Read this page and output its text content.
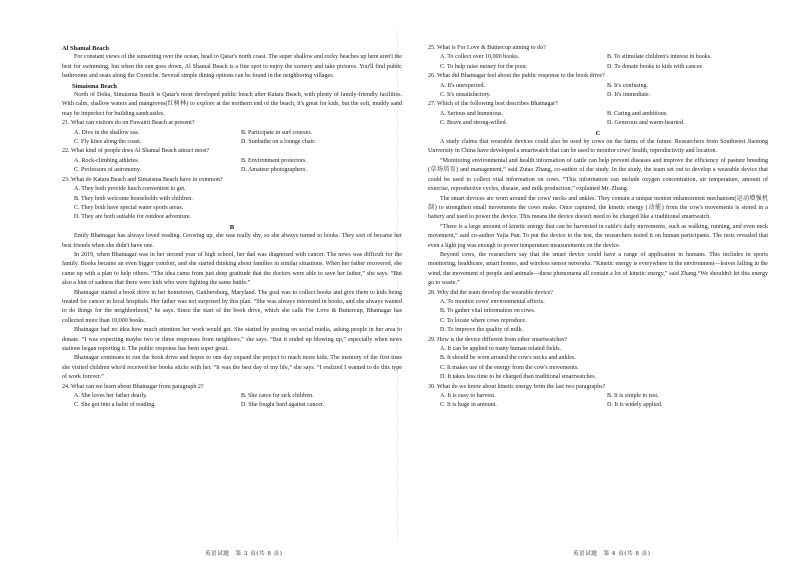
Al Shamal Beach

For constant views of the sunsetting over the ocean, head to Qatar's north coast. The super shallow and rocky beaches up here aren't the best for swimming, but when the sun goes down, Al Shamal Beach is a fine spot to enjoy the scenery and take pictures. You'll find public bathrooms and seats along the Corniche. Several simple dining options can be found in the neighboring villages.

Simaisma Beach

North of Doha, Simaisma Beach is Qatar's most developed public beach after Katara Beach, with plenty of family-friendly facilities. With calm, shallow waters and mangroves(红树林) to explore at the northern end of the beach, it's great for kids, but the soft, muddy sand may be imperfect for building sandcastles.

21. What can visitors do on Fuwairit Beach at present?

A. Dive in the shallow sea.	B. Participate in surf courses.
C. Fly kites along the coast.	D. Sunbathe on a lounge chair.

22. What kind of people does Al Shamal Beach attract most?

A. Rock-climbing athletes.	B. Environment protectors.
C. Professors of astronomy.	D. Amateur photographers.

23. What do Katara Beach and Simaisma Beach have in common?

A. They both provide lunch convenient to get.
B. They both welcome households with children.
C. They both have special water sports areas.
D. They are both suitable for outdoor adventure.

B

Emily Bhatnagar has always loved reading. Growing up, she was really shy, so she always turned to books. They sort of became her best friends when she didn't have one.

In 2019, when Bhatnagar was in her second year of high school, her dad was diagnosed with cancer. The news was difficult for the family. Books became an even bigger comfort, and she started thinking about families in similar situations. When her father recovered, she came up with a plan to help others. “The idea came from just deep gratitude that the doctors were able to save her father,” she says. “But also a hint of sadness that there were kids who were fighting the same battle.”

Bhatnagar started a book drive in her hometown, Gaithersburg, Maryland. The goal was to collect books and give them to kids being treated for cancer in local hospitals. Her father was not surprised by this plan. “She was always interested in books, and she always wanted to do things for the neighborhood,” he says. Since the start of the book drive, which she calls For Love & Buttercup, Bhatnagar has collected more than 10,000 books.

Bhatnagar had no idea how much attention her work would get. She started by posting on social media, asking people in her area to donate. “I was expecting maybe two or three responses from neighbors,” she says. “But it ended up blowing up,” especially when news stations began reporting it. The public response has been super great.

Bhatnagar continues to run the book drive and hopes to one day expand the project to reach more kids. The memory of the first time she visited children who'd received her books sticks with her. “It was the best day of my life,” she says. “I realized I wanted to do this type of work forever.”

24. What can we learn about Bhatnagar from paragraph 2?

A. She loves her father dearly.	B. She cares for sick children.
C. She got into a habit of reading.	D. She fought hard against cancer.
英语试题　第 3 页(共 8 页)

25. What is For Love & Buttercup aiming to do?

A. To collect over 10,000 books.	B. To stimulate children's interest in books.
C. To help raise money for the poor.	D. To donate books to kids with cancer.

26. What did Bhatnagar feel about the public response to the book drive?

A. It's unexpected.	B. It's confusing.
C. It's unsatisfactory.	D. It's immediate.

27. Which of the following best describes Bhatnagar?

A. Serious and humorous.	B. Caring and ambitious.
C. Brave and strong-willed.	D. Generous and warm-hearted.

C

A study claims that wearable devices could also be used by cows on the farms of the future. Researchers from Southwest Jiaotong University in China have developed a smartwatch that can be used to monitor cows' health, reproductivity and location.

“Monitoring environmental and health information of cattle can help prevent diseases and improve the efficiency of pasture breeding (草场培育) and management,” said Zutao Zhang, co-author of the study. In the study, the team set out to develop a wearable device that could be used to collect vital information on cows. “This information can include oxygen concentration, air temperature, amount of exercise, reproductive cycles, disease, and milk production,” explained Mr. Zhang.

The smart devices are worn around the cows' necks and ankles. They contain a unique motion enhancement mechanism(运动增强机制) to strengthen small movements the cows make. Once captured, the kinetic energy (动能) from the cow's movements is stored in a battery and used to power the device. This means the device doesn't need to be charged like a traditional smartwatch.

“There is a large amount of kinetic energy that can be harvested in cattle's daily movements, such as walking, running, and even neck movement,” said co-author Yajia Pan. To put the device to the test, the researchers tested it on human participants. The tests revealed that even a light jog was enough to power temperature measurements on the device.

Beyond cows, the researchers say that the smart device could have a range of application in humans. This includes in sports monitoring, healthcare, smart homes, and wireless sensor networks. “Kinetic energy is everywhere in the environment—leaves falling in the wind, the movement of people and animals—these phenomena all contain a lot of kinetic energy,” said Zhang.“We shouldn't let this energy go to waste.”

28. Why did the team develop the wearable device?

A. To monitor cows' environmental effects.
B. To gather vital information on cows.
C. To locate where cows reproduce.
D. To improve the quality of milk.

29. How is the device different from other smartwatches?

A. It can be applied to many human related fields.
B. It should be worn around the cow's necks and ankles.
C. It makes use of the energy from the cow's movements.
D. It takes less time to be charged than traditional smartwatches.

30. What do we know about kinetic energy from the last two paragraphs?

A. It is easy to harvest.	B. It is simple to test.
C. It is huge in amount.	D. It is widely applied.
英语试题　第 4 页(共 8 页)
